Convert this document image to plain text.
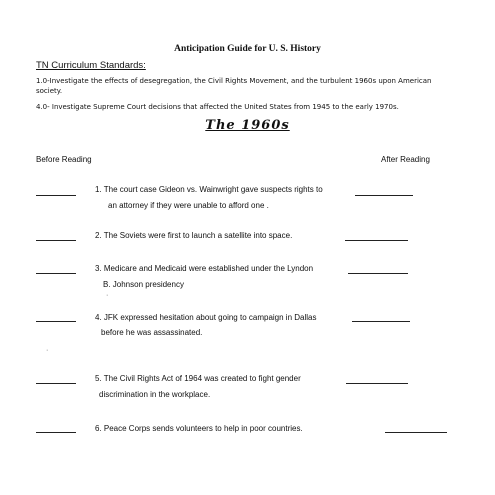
Anticipation Guide for U. S. History
TN Curriculum Standards:
1.0-Investigate the effects of desegregation, the Civil Rights Movement, and the turbulent 1960s upon American society.
4.0- Investigate Supreme Court decisions that affected the United States from 1945 to the early 1970s.
The 1960s
Before Reading	After Reading
1. The court case Gideon vs. Wainwright gave suspects rights to
an attorney if they were unable to afford one .
2. The Soviets were first to launch a satellite into space.
3. Medicare and Medicaid were established under the Lyndon
B. Johnson presidency
·
4. JFK expressed hesitation about going to campaign in Dallas
before he was assassinated.
·
5. The Civil Rights Act of 1964 was created to fight gender
discrimination in the workplace.
6. Peace Corps sends volunteers to help in poor countries.
